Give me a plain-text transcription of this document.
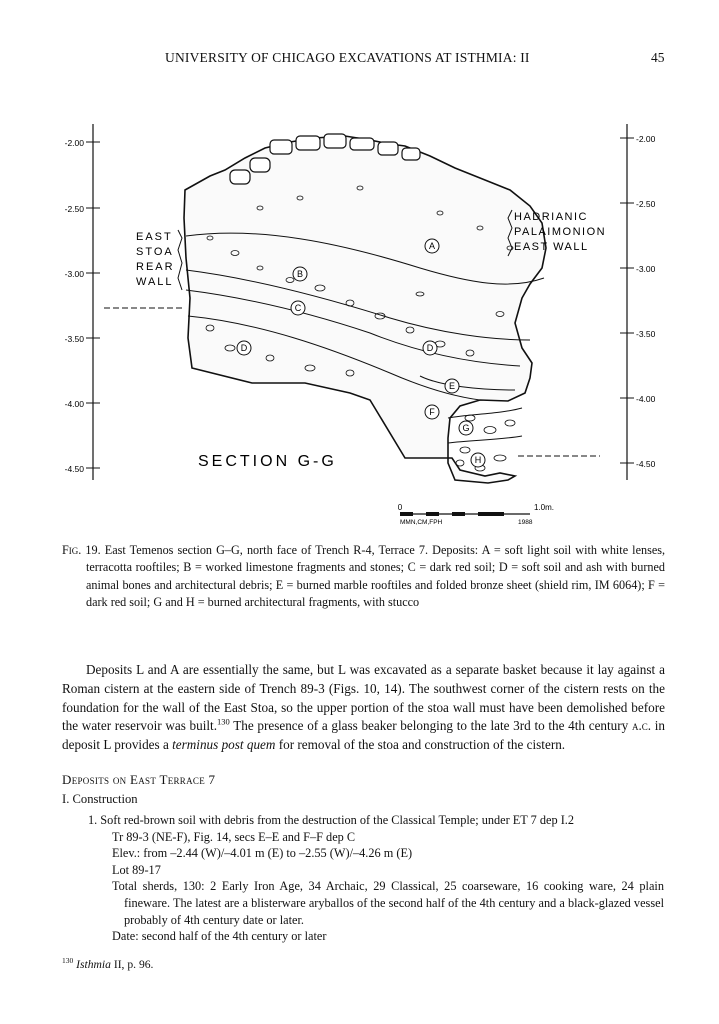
UNIVERSITY OF CHICAGO EXCAVATIONS AT ISTHMIA: II	45
-2.00
-2.50
-3.00
-3.50
-4.00
-4.50
-2.00
-2.50
-3.00
-3.50
-4.00
-4.50
A
B
C
D	D
E
F
G
H
EAST
STOA
REAR
WALL
HADRIANIC
PALAIMONION
EAST WALL
SECTION G-G
0	1.0m.
MMN,CM,FPH	1988
Fig. 19. East Temenos section G–G, north face of Trench R-4, Terrace 7. Deposits: A = soft light soil with white lenses, terracotta rooftiles; B = worked limestone fragments and stones; C = dark red soil; D = soft soil and ash with burned animal bones and architectural debris; E = burned marble rooftiles and folded bronze sheet (shield rim, IM 6064); F = dark red soil; G and H = burned architectural fragments, with stucco
Deposits L and A are essentially the same, but L was excavated as a separate basket because it lay against a Roman cistern at the eastern side of Trench 89-3 (Figs. 10, 14). The southwest corner of the cistern rests on the foundation for the wall of the East Stoa, so the upper portion of the stoa wall must have been demolished before the water reservoir was built.$^{130}$ The presence of a glass beaker belonging to the late 3rd to the 4th century a.c. in deposit L provides a terminus post quem for removal of the stoa and construction of the cistern.
Deposits on East Terrace 7
I. Construction
1. Soft red-brown soil with debris from the destruction of the Classical Temple; under ET 7 dep I.2
Tr 89-3 (NE-F), Fig. 14, secs E–E and F–F dep C
Elev.: from –2.44 (W)/–4.01 m (E) to –2.55 (W)/–4.26 m (E)
Lot 89-17
Total sherds, 130: 2 Early Iron Age, 34 Archaic, 29 Classical, 25 coarseware, 16 cooking ware, 24 plain fineware. The latest are a blisterware aryballos of the second half of the 4th century and a black-glazed vessel probably of 4th century date or later.
Date: second half of the 4th century or later
$^{130}$ Isthmia II, p. 96.
